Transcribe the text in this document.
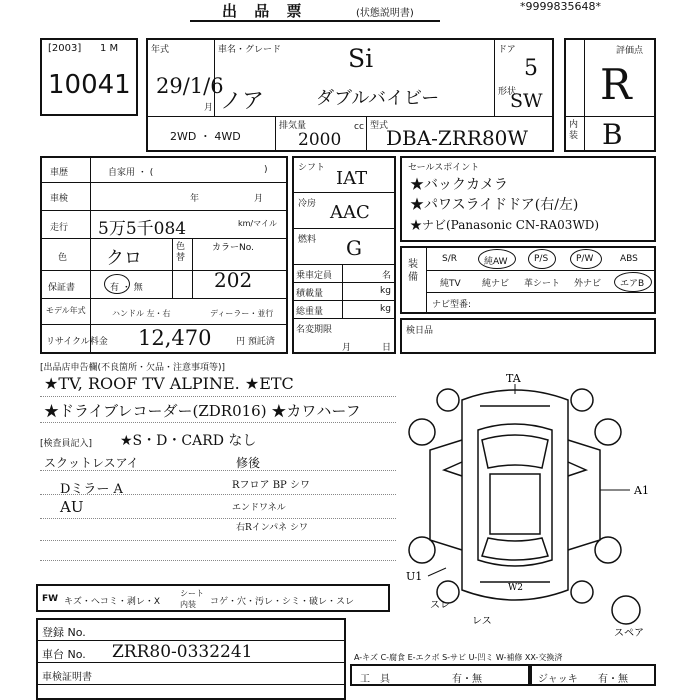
出 品 票	(状態説明書)
*9999835648*
[2003] 1 M
10041
年式
29/1/6
月
車名・グレード	Si
ノア	ダブルバイビー
ドア
5
形状
SW
2WD ・ 4WD
排気量	cc
2000
型式
DBA-ZRR80W
評価点
R
内装 B
車歴	自家用 ・ (	)
車検	年	月
走行 5万5千084	km/マイル
色 クロ
色替
カラーNo.
202
保証書	有 ・ 無
モデル年式	ハンドル 左・右	ディーラー・並行
リサイクル料金 12,470	円 預託済
シフト IAT
冷房 AAC
燃料 G
乗車定員	名
積載量	kg
総重量	kg
名変期限
月	日
セールスポイント
★バックカメラ
★パワスライドドア(右/左)
★ナビ(Panasonic CN-RA03WD)
装備
S/R	純AW	P/S	P/W	ABS
純TV 純ナビ 革シート 外ナビ エアB
ナビ型番:
検日品
[出品店申告欄(不良箇所・欠品・注意事項等)]
★TV, ROOF TV ALPINE. ★ETC
★ドライブレコーダー(ZDR016) ★カワハーフ
[検査員記入] ★S・D・CARD なし
スクットレスアイ
Dミラー A
AU
修後
Rフロア BP シワ
エンドワネル
右Rインパネ シワ
TA
A1
U1
W2
スレ
レス
スペア
FW キズ・ヘコミ・剥レ・Ⅹ
シート
内装 コゲ・穴・汚レ・シミ・破レ・スレ
登録 No.
車台 No. ZRR80-0332241
車検証明書
A-キズ C-腐食 E-エクボ S-サビ U-凹ミ W-補修 XX-交換済
工　具	有・無	ジャッキ 有・無
